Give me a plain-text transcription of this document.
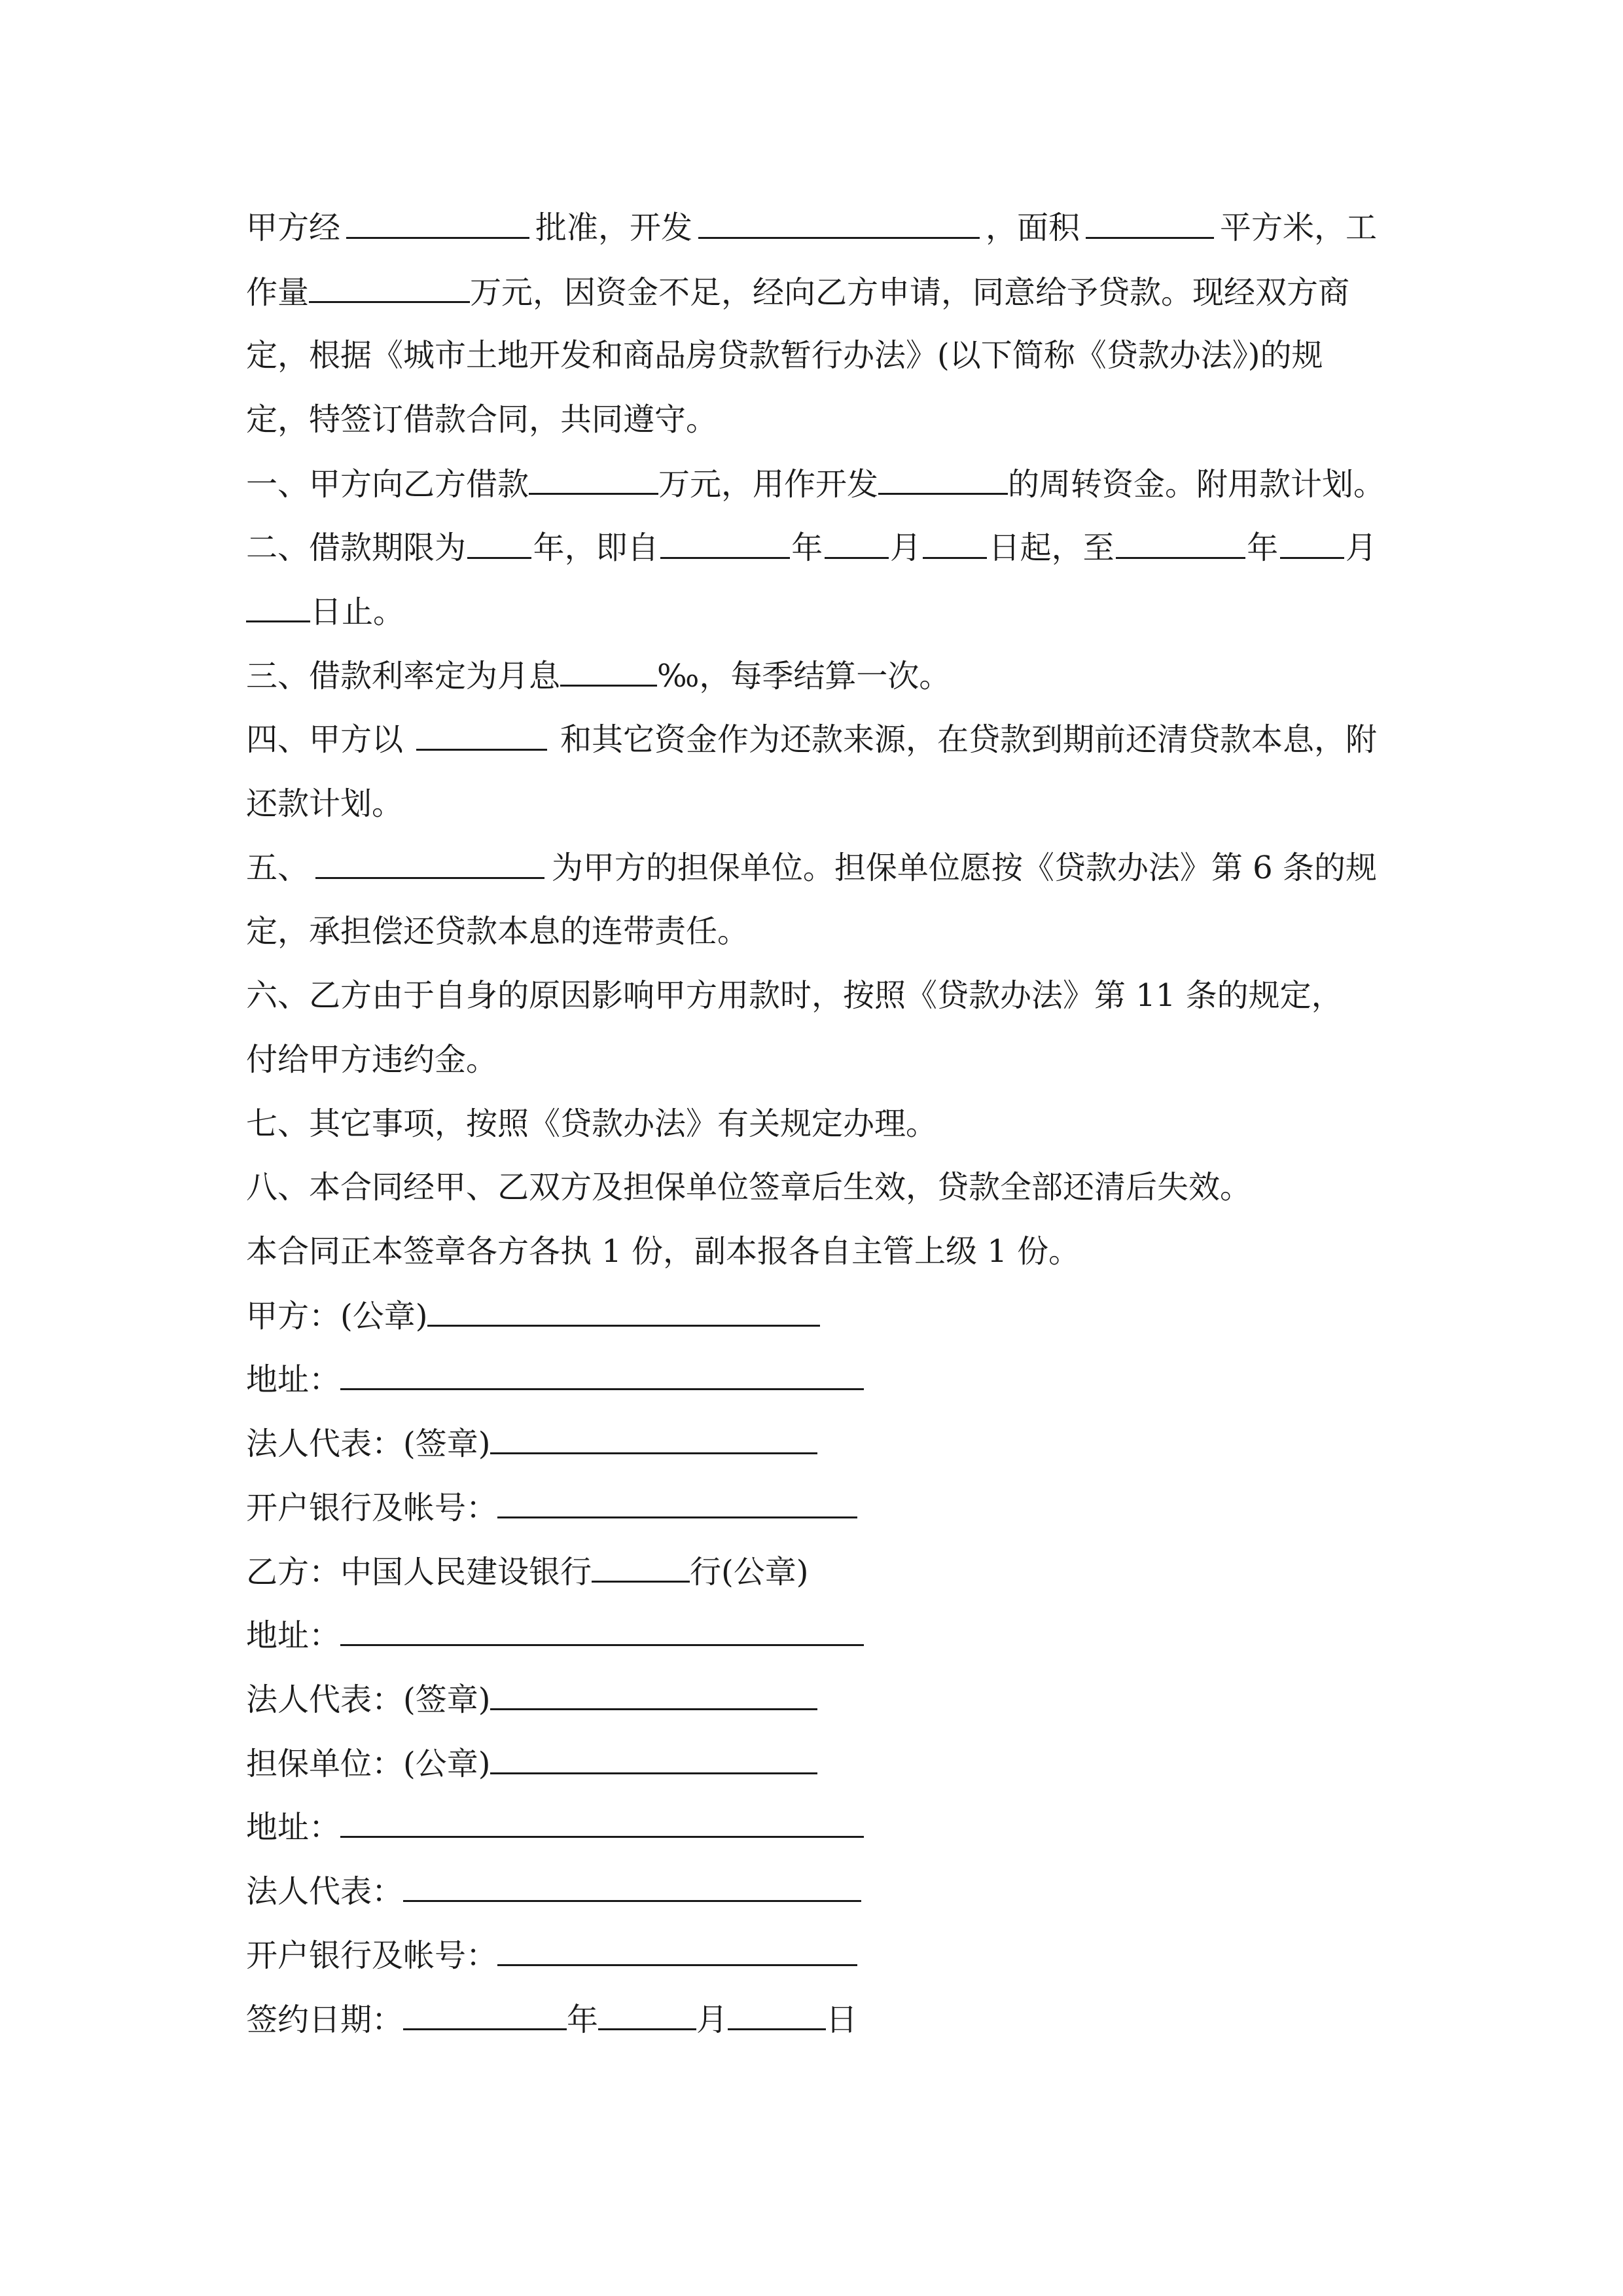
甲方经	批准，开发	，面积	平方米，工
作量	万元，因资金不足，经向乙方申请，同意给予贷款。现经双方商
定，根据《城市土地开发和商品房贷款暂行办法》(以下简称《贷款办法》)的规
定，特签订借款合同，共同遵守。
一、甲方向乙方借款	万元，用作开发	的周转资金。附用款计划。
二、借款期限为 年，即自	年 月 日起，至	年 月
日止。
三、借款利率定为月息	‰，每季结算一次。
四、甲方以	和其它资金作为还款来源，在贷款到期前还清贷款本息，附
还款计划。
五、	为甲方的担保单位。担保单位愿按《贷款办法》第 6 条的规
定，承担偿还贷款本息的连带责任。
六、乙方由于自身的原因影响甲方用款时，按照《贷款办法》第 11 条的规定，
付给甲方违约金。
七、其它事项，按照《贷款办法》有关规定办理。
八、本合同经甲、乙双方及担保单位签章后生效，贷款全部还清后失效。
本合同正本签章各方各执 1 份，副本报各自主管上级 1 份。
甲方：(公章)
地址：
法人代表：(签章)
开户银行及帐号：
乙方：中国人民建设银行	行(公章)
地址：
法人代表：(签章)
担保单位：(公章)
地址：
法人代表：
开户银行及帐号：
签约日期：	年	月	日
